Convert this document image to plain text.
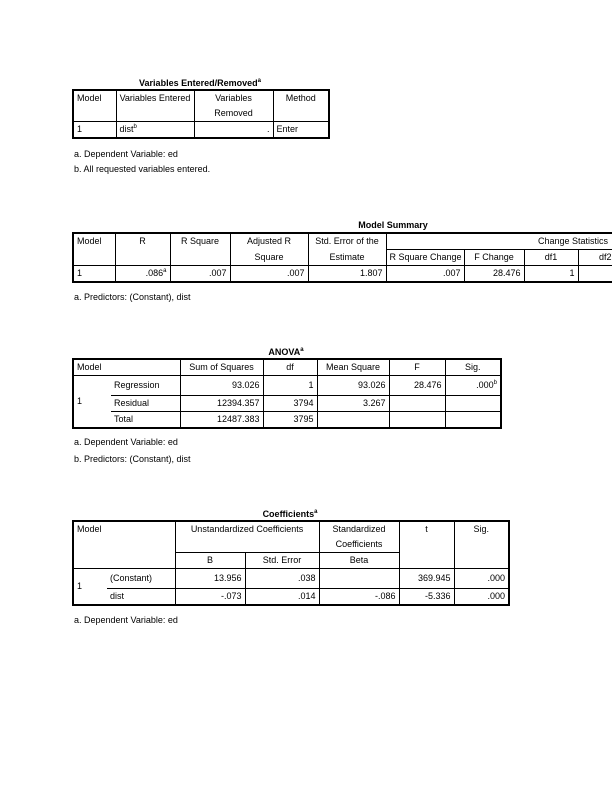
Variables Entered/Removed$^a$
Model	Variables Entered	Variables	Method
		Removed	
1	dist$^b$	.	Enter
a. Dependent Variable: ed
b. All requested variables entered.
Model Summary
Model	R	R Square	Adjusted R	Std. Error of the	Change Statistics			
			Square	Estimate	R Square Change	F Change	df1	df2
1	.086$^a$	.007	.007	1.807	.007	28.476	1	
a. Predictors: (Constant), dist
ANOVA$^a$
Model		Sum of Squares	df	Mean Square	F	Sig.
1	Regression	93.026	1	93.026	28.476	.000$^b$
	Residual	12394.357	3794	3.267		
	Total	12487.383	3795			
a. Dependent Variable: ed
b. Predictors: (Constant), dist
Coefficients$^a$
Model		Unstandardized Coefficients		Standardized	t	Sig.
				Coefficients		
		B	Std. Error	Beta		
1	(Constant)	13.956	.038		369.945	.000
	dist	-.073	.014	-.086	-5.336	.000
a. Dependent Variable: ed
